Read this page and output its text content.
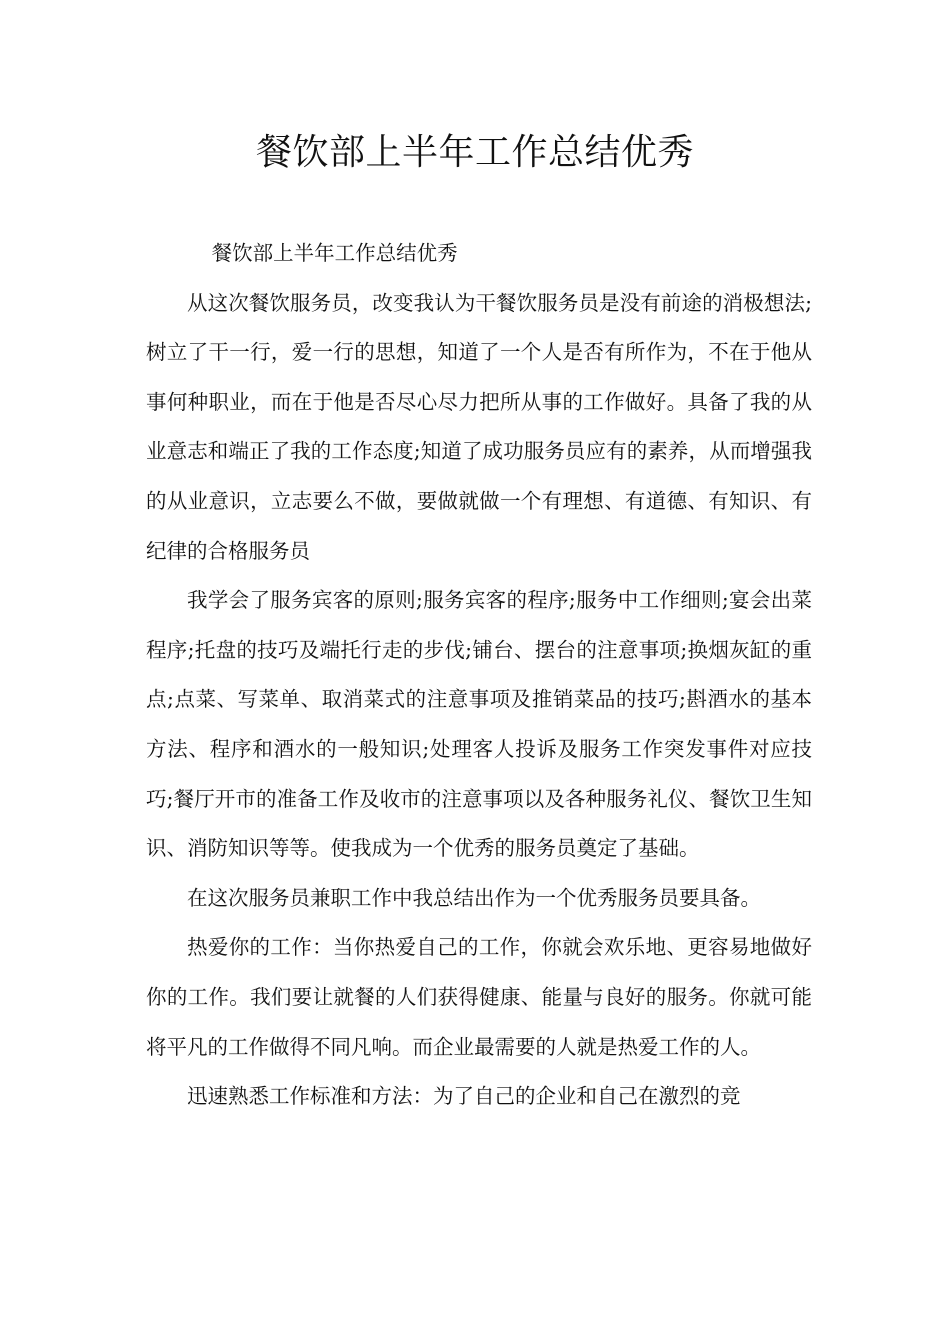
餐饮部上半年工作总结优秀

餐饮部上半年工作总结优秀

从这次餐饮服务员，改变我认为干餐饮服务员是没有前途的消极想法;树立了干一行，爱一行的思想，知道了一个人是否有所作为，不在于他从事何种职业，而在于他是否尽心尽力把所从事的工作做好。具备了我的从业意志和端正了我的工作态度;知道了成功服务员应有的素养，从而增强我的从业意识，立志要么不做，要做就做一个有理想、有道德、有知识、有纪律的合格服务员

我学会了服务宾客的原则;服务宾客的程序;服务中工作细则;宴会出菜程序;托盘的技巧及端托行走的步伐;铺台、摆台的注意事项;换烟灰缸的重点;点菜、写菜单、取消菜式的注意事项及推销菜品的技巧;斟酒水的基本方法、程序和酒水的一般知识;处理客人投诉及服务工作突发事件对应技巧;餐厅开市的准备工作及收市的注意事项以及各种服务礼仪、餐饮卫生知识、消防知识等等。使我成为一个优秀的服务员奠定了基础。

在这次服务员兼职工作中我总结出作为一个优秀服务员要具备。

热爱你的工作：当你热爱自己的工作，你就会欢乐地、更容易地做好你的工作。我们要让就餐的人们获得健康、能量与良好的服务。你就可能将平凡的工作做得不同凡响。而企业最需要的人就是热爱工作的人。

迅速熟悉工作标准和方法：为了自己的企业和自己在激烈的竞
